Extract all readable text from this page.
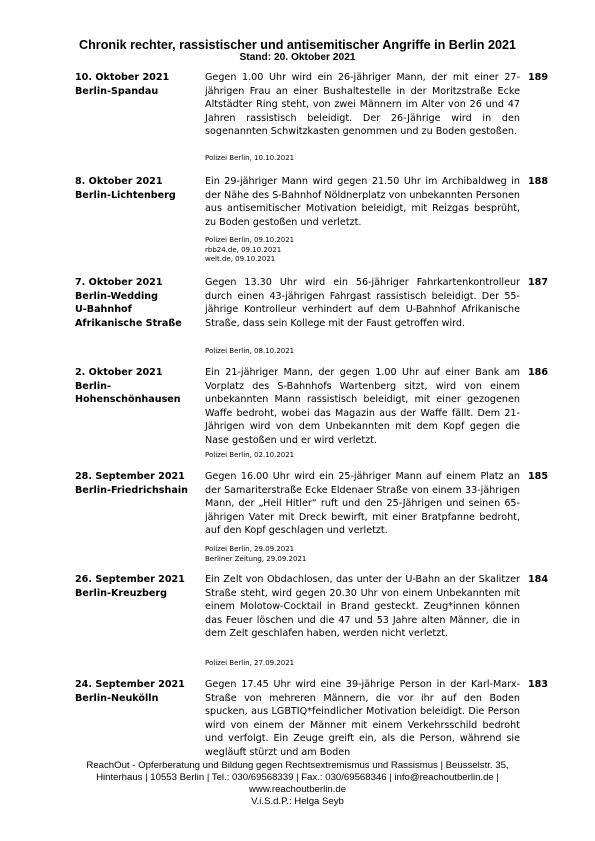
Chronik rechter, rassistischer und antisemitischer Angriffe in Berlin 2021
Stand: 20. Oktober 2021
10. Oktober 2021
Berlin-Spandau
Gegen 1.00 Uhr wird ein 26-jähriger Mann, der mit einer 27-jährigen Frau an einer Bushaltestelle in der Moritzstraße Ecke Altstädter Ring steht, von zwei Männern im Alter von 26 und 47 Jahren rassistisch beleidigt. Der 26-Jährige wird in den sogenannten Schwitzkasten genommen und zu Boden gestoßen.
189
Polizei Berlin, 10.10.2021
8. Oktober 2021
Berlin-Lichtenberg
Ein 29-jähriger Mann wird gegen 21.50 Uhr im Archibaldweg in der Nähe des S-Bahnhof Nöldnerplatz von unbekannten Personen aus antisemitischer Motivation beleidigt, mit Reizgas besprüht, zu Boden gestoßen und verletzt.
188
Polizei Berlin, 09.10.2021
rbb24.de, 09.10.2021
welt.de, 09.10.2021
7. Oktober 2021
Berlin-Wedding
U-Bahnhof
Afrikanische Straße
Gegen 13.30 Uhr wird ein 56-jähriger Fahrkartenkontrolleur durch einen 43-jährigen Fahrgast rassistisch beleidigt. Der 55-jährige Kontrolleur verhindert auf dem U-Bahnhof Afrikanische Straße, dass sein Kollege mit der Faust getroffen wird.
187
Polizei Berlin, 08.10.2021
2. Oktober 2021
Berlin-
Hohenschönhausen
Ein 21-jähriger Mann, der gegen 1.00 Uhr auf einer Bank am Vorplatz des S-Bahnhofs Wartenberg sitzt, wird von einem unbekannten Mann rassistisch beleidigt, mit einer gezogenen Waffe bedroht, wobei das Magazin aus der Waffe fällt. Dem 21-Jährigen wird von dem Unbekannten mit dem Kopf gegen die Nase gestoßen und er wird verletzt.
186
Polizei Berlin, 02.10.2021
28. September 2021
Berlin-Friedrichshain
Gegen 16.00 Uhr wird ein 25-jähriger Mann auf einem Platz an der Samariterstraße Ecke Eldenaer Straße von einem 33-jährigen Mann, der „Heil Hitler“ ruft und den 25-Jährigen und seinen 65-jährigen Vater mit Dreck bewirft, mit einer Bratpfanne bedroht, auf den Kopf geschlagen und verletzt.
185
Polizei Berlin, 29.09.2021
Berliner Zeitung, 29.09.2021
26. September 2021
Berlin-Kreuzberg
Ein Zelt von Obdachlosen, das unter der U-Bahn an der Skalitzer Straße steht, wird gegen 20.30 Uhr von einem Unbekannten mit einem Molotow-Cocktail in Brand gesteckt. Zeug*innen können das Feuer löschen und die 47 und 53 Jahre alten Männer, die in dem Zelt geschlafen haben, werden nicht verletzt.
184
Polizei Berlin, 27.09.2021
24. September 2021
Berlin-Neukölln
Gegen 17.45 Uhr wird eine 39-jährige Person in der Karl-Marx-Straße von mehreren Männern, die vor ihr auf den Boden spucken, aus LGBTIQ*feindlicher Motivation beleidigt. Die Person wird von einem der Männer mit einem Verkehrsschild bedroht und verfolgt. Ein Zeuge greift ein, als die Person, während sie wegläuft stürzt und am Boden
183
ReachOut - Opferberatung und Bildung gegen Rechtsextremismus und Rassismus | Beusselstr. 35,
Hinterhaus | 10553 Berlin | Tel.: 030/69568339 | Fax.: 030/69568346 | info@reachoutberlin.de |
www.reachoutberlin.de
V.i.S.d.P.: Helga Seyb
